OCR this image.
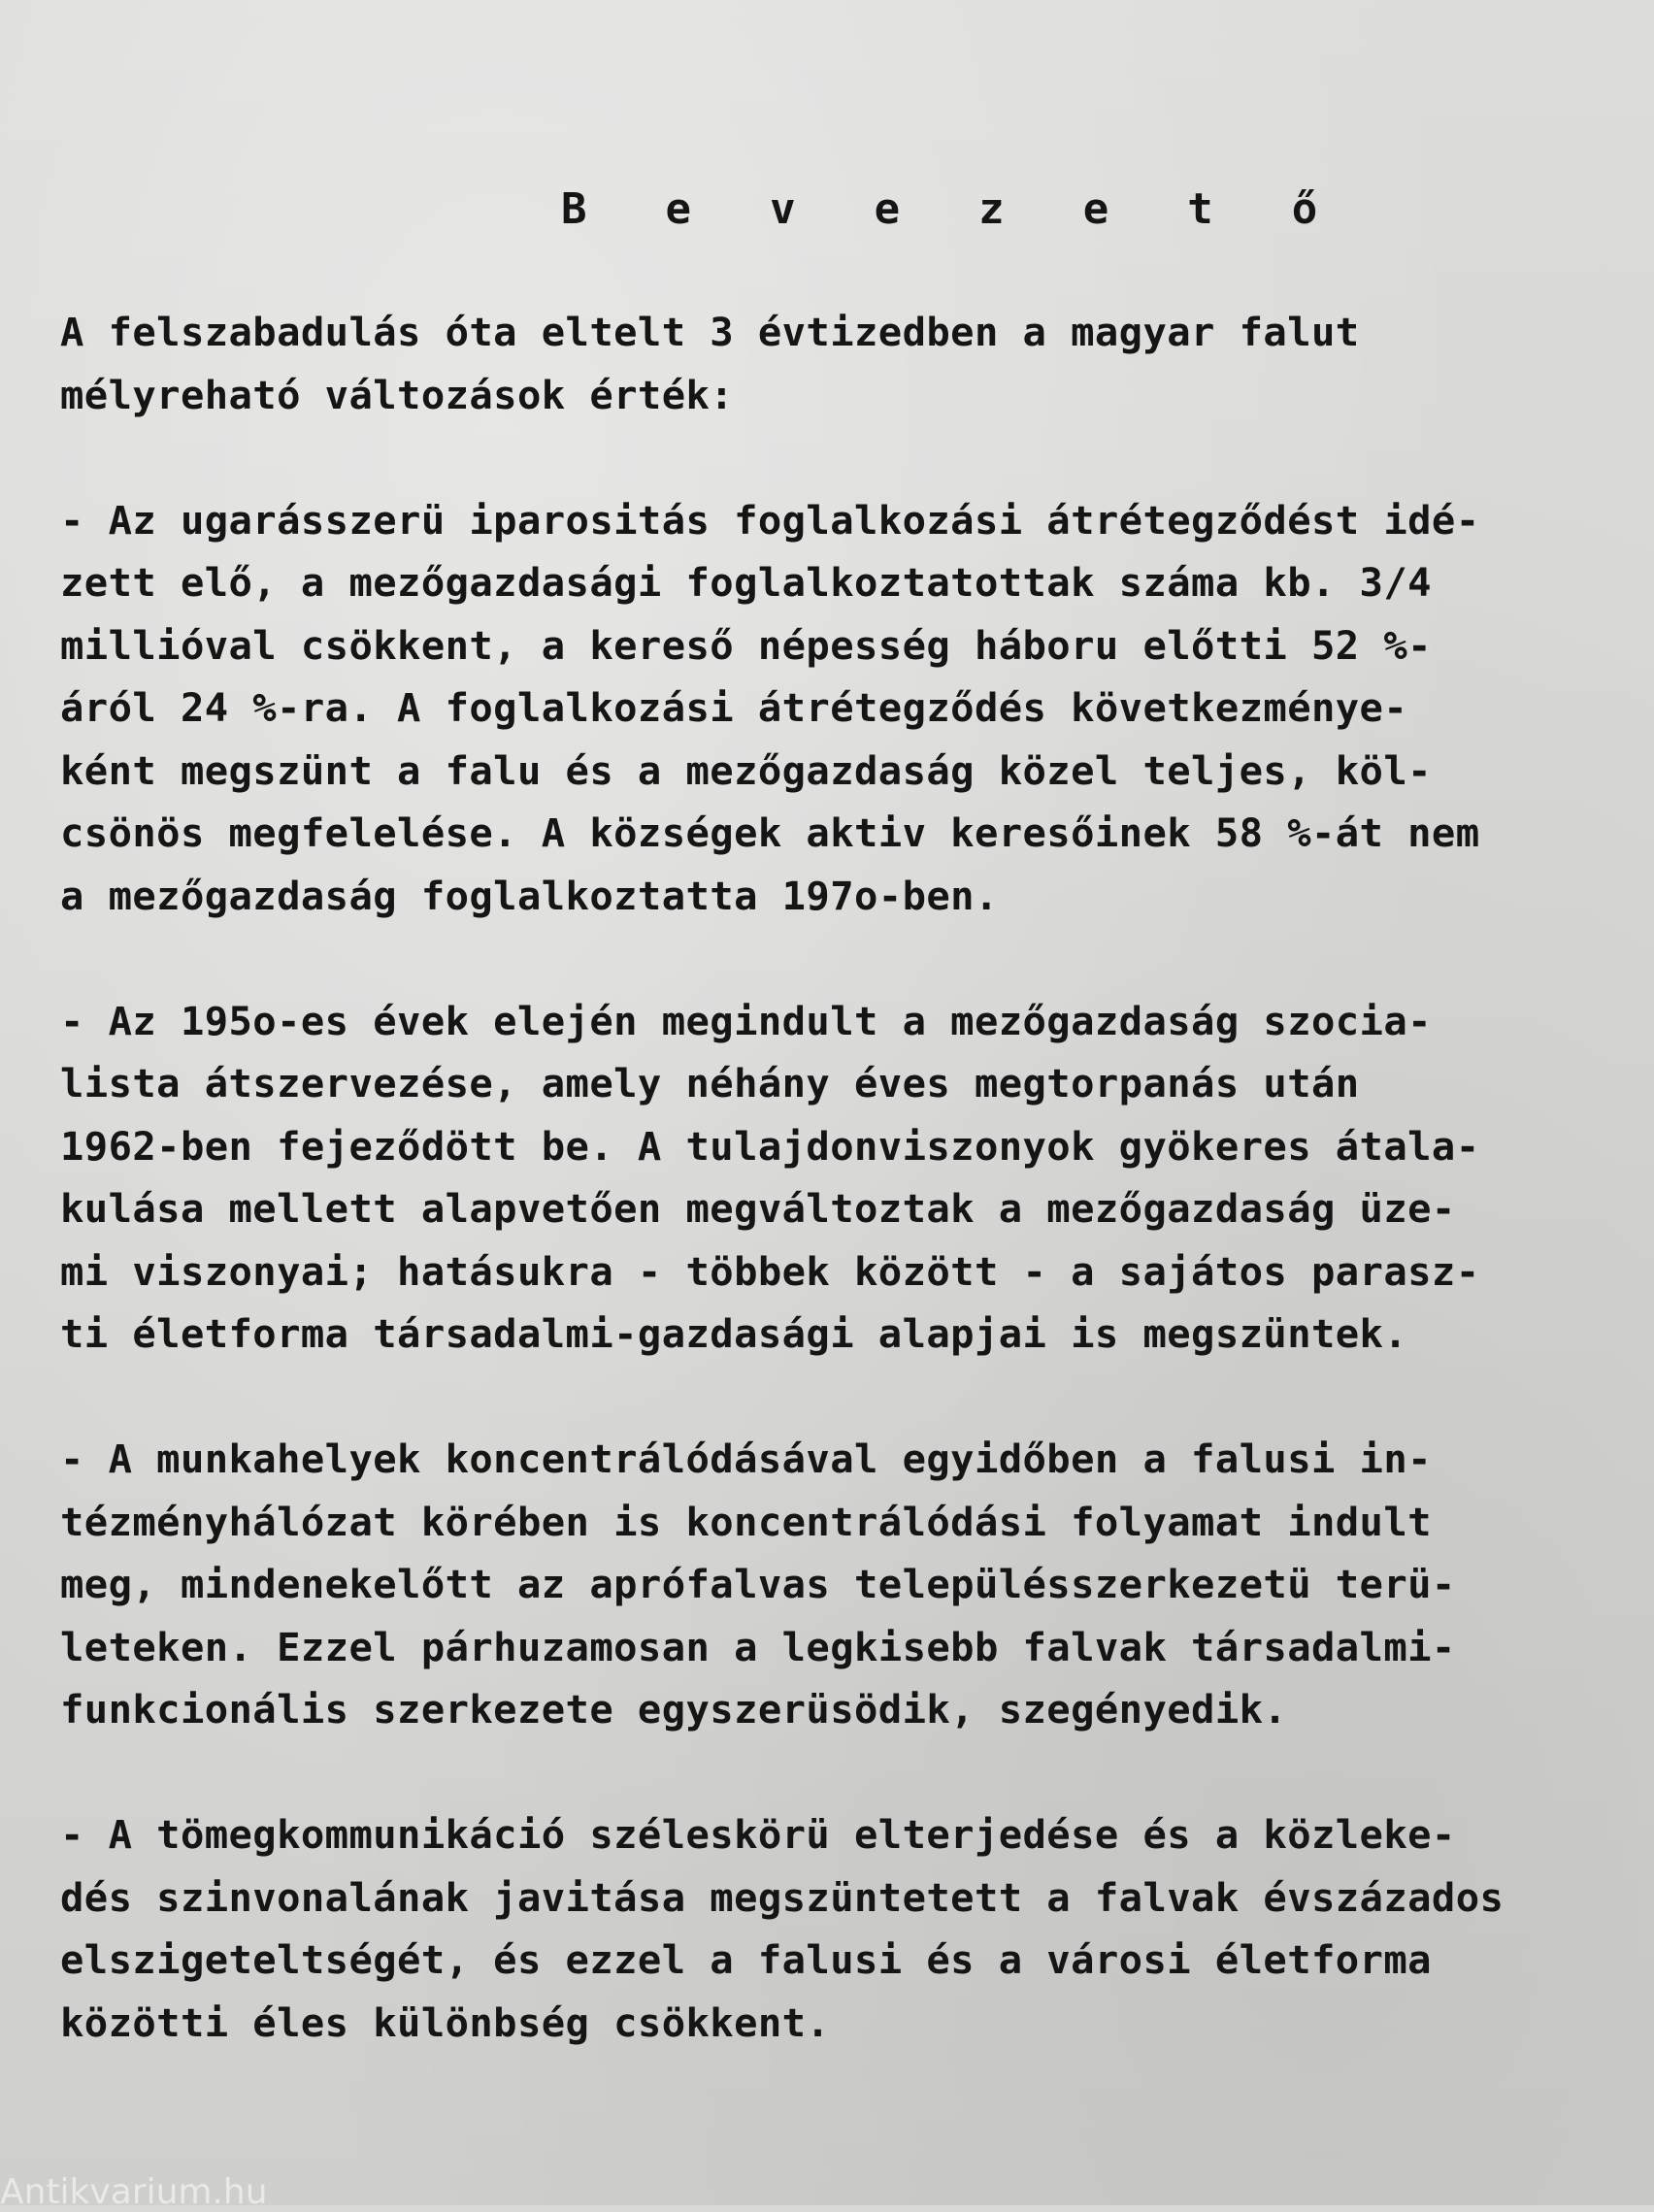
B e v e z e t ő
A felszabadulás óta eltelt 3 évtizedben a magyar falut
mélyreható változások érték:
- Az ugarásszerü iparositás foglalkozási átrétegződést idé-
zett elő, a mezőgazdasági foglalkoztatottak száma kb. 3/4
millióval csökkent, a kereső népesség háboru előtti 52 %-
áról 24 %-ra. A foglalkozási átrétegződés következménye-
ként megszünt a falu és a mezőgazdaság közel teljes, köl-
csönös megfelelése. A községek aktiv keresőinek 58 %-át nem
a mezőgazdaság foglalkoztatta 197o-ben.
- Az 195o-es évek elején megindult a mezőgazdaság szocia-
lista átszervezése, amely néhány éves megtorpanás után
1962-ben fejeződött be. A tulajdonviszonyok gyökeres átala-
kulása mellett alapvetően megváltoztak a mezőgazdaság üze-
mi viszonyai; hatásukra - többek között - a sajátos parasz-
ti életforma társadalmi-gazdasági alapjai is megszüntek.
- A munkahelyek koncentrálódásával egyidőben a falusi in-
tézményhálózat körében is koncentrálódási folyamat indult
meg, mindenekelőtt az aprófalvas településszerkezetü terü-
leteken. Ezzel párhuzamosan a legkisebb falvak társadalmi-
funkcionális szerkezete egyszerüsödik, szegényedik.
- A tömegkommunikáció széleskörü elterjedése és a közleke-
dés szinvonalának javitása megszüntetett a falvak évszázados
elszigeteltségét, és ezzel a falusi és a városi életforma
közötti éles különbség csökkent.
Antikvarium.hu
